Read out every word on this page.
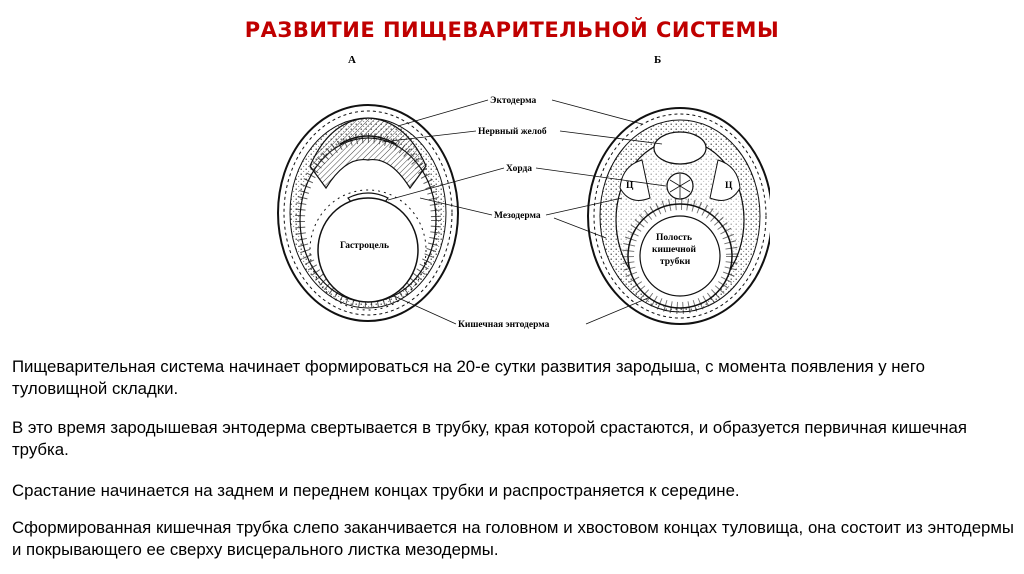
РАЗВИТИЕ ПИЩЕВАРИТЕЛЬНОЙ СИСТЕМЫ
А	Б
Гастроцель
Ц	Ц
Полость
кишечной
трубки
Эктодерма
Нервный желоб
Хорда
Мезодерма
Кишечная энтодерма
Пищеварительная система начинает формироваться на 20-е сутки развития зародыша, с момента появления у него туловищной складки.
В это время зародышевая энтодерма свертывается в трубку, края которой срастаются, и образуется первичная кишечная трубка.
Срастание начинается на заднем и переднем концах трубки и распространяется к середине.
Сформированная кишечная трубка слепо заканчивается на головном и хвостовом концах туловища, она состоит из энтодермы и покрывающего ее сверху висцерального листка мезодермы.
